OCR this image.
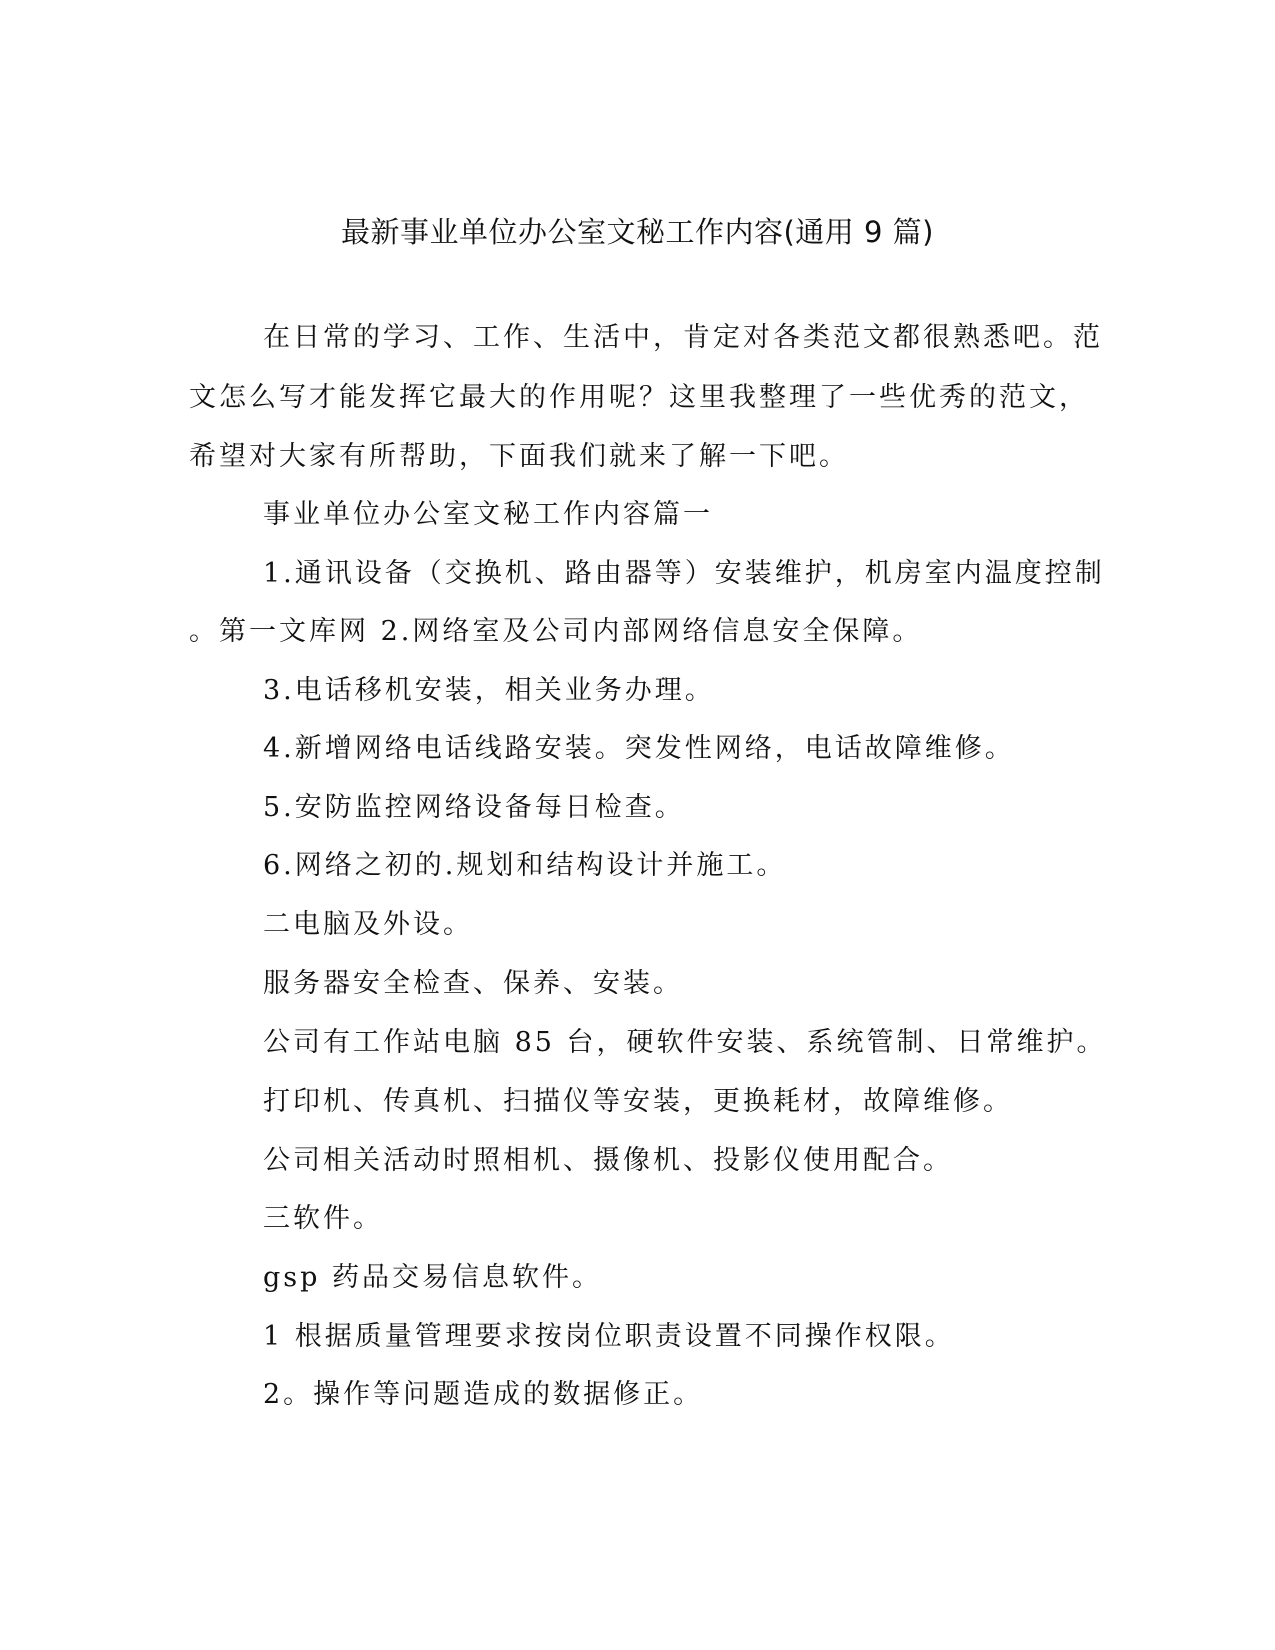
最新事业单位办公室文秘工作内容(通用 9 篇)

在日常的学习、工作、生活中，肯定对各类范文都很熟悉吧。范

文怎么写才能发挥它最大的作用呢？这里我整理了一些优秀的范文，

希望对大家有所帮助，下面我们就来了解一下吧。

事业单位办公室文秘工作内容篇一

1.通讯设备（交换机、路由器等）安装维护，机房室内温度控制

。第一文库网 2.网络室及公司内部网络信息安全保障。

3.电话移机安装，相关业务办理。

4.新增网络电话线路安装。突发性网络，电话故障维修。

5.安防监控网络设备每日检查。

6.网络之初的.规划和结构设计并施工。

二电脑及外设。

服务器安全检查、保养、安装。

公司有工作站电脑 85 台，硬软件安装、系统管制、日常维护。

打印机、传真机、扫描仪等安装，更换耗材，故障维修。

公司相关活动时照相机、摄像机、投影仪使用配合。

三软件。

gsp 药品交易信息软件。

1 根据质量管理要求按岗位职责设置不同操作权限。

2。操作等问题造成的数据修正。
